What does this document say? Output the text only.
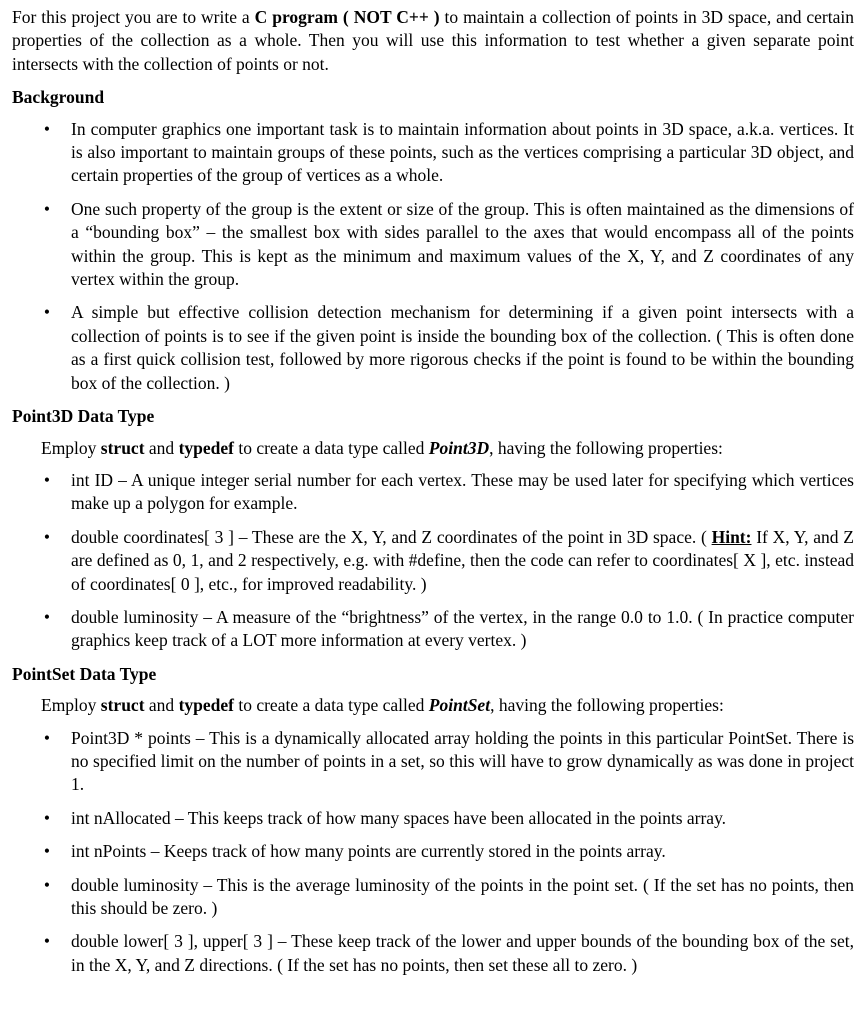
For this project you are to write a C program ( NOT C++ ) to maintain a collection of points in 3D space, and certain properties of the collection as a whole. Then you will use this information to test whether a given separate point intersects with the collection of points or not.

Background
• In computer graphics one important task is to maintain information about points in 3D space, a.k.a. vertices. It is also important to maintain groups of these points, such as the vertices comprising a particular 3D object, and certain properties of the group of vertices as a whole.
• One such property of the group is the extent or size of the group. This is often maintained as the dimensions of a “bounding box” – the smallest box with sides parallel to the axes that would encompass all of the points within the group. This is kept as the minimum and maximum values of the X, Y, and Z coordinates of any vertex within the group.
• A simple but effective collision detection mechanism for determining if a given point intersects with a collection of points is to see if the given point is inside the bounding box of the collection. ( This is often done as a first quick collision test, followed by more rigorous checks if the point is found to be within the bounding box of the collection. )
Point3D Data Type

Employ struct and typedef to create a data type called Point3D, having the following properties:

• int ID – A unique integer serial number for each vertex. These may be used later for specifying which vertices make up a polygon for example.
• double coordinates[ 3 ] – These are the X, Y, and Z coordinates of the point in 3D space. ( Hint: If X, Y, and Z are defined as 0, 1, and 2 respectively, e.g. with #define, then the code can refer to coordinates[ X ], etc. instead of coordinates[ 0 ], etc., for improved readability. )
• double luminosity – A measure of the “brightness” of the vertex, in the range 0.0 to 1.0. ( In practice computer graphics keep track of a LOT more information at every vertex. )
PointSet Data Type

Employ struct and typedef to create a data type called PointSet, having the following properties:

• Point3D * points – This is a dynamically allocated array holding the points in this particular PointSet. There is no specified limit on the number of points in a set, so this will have to grow dynamically as was done in project 1.
• int nAllocated – This keeps track of how many spaces have been allocated in the points array.
• int nPoints – Keeps track of how many points are currently stored in the points array.
• double luminosity – This is the average luminosity of the points in the point set. ( If the set has no points, then this should be zero. )
• double lower[ 3 ], upper[ 3 ] – These keep track of the lower and upper bounds of the bounding box of the set, in the X, Y, and Z directions. ( If the set has no points, then set these all to zero. )
